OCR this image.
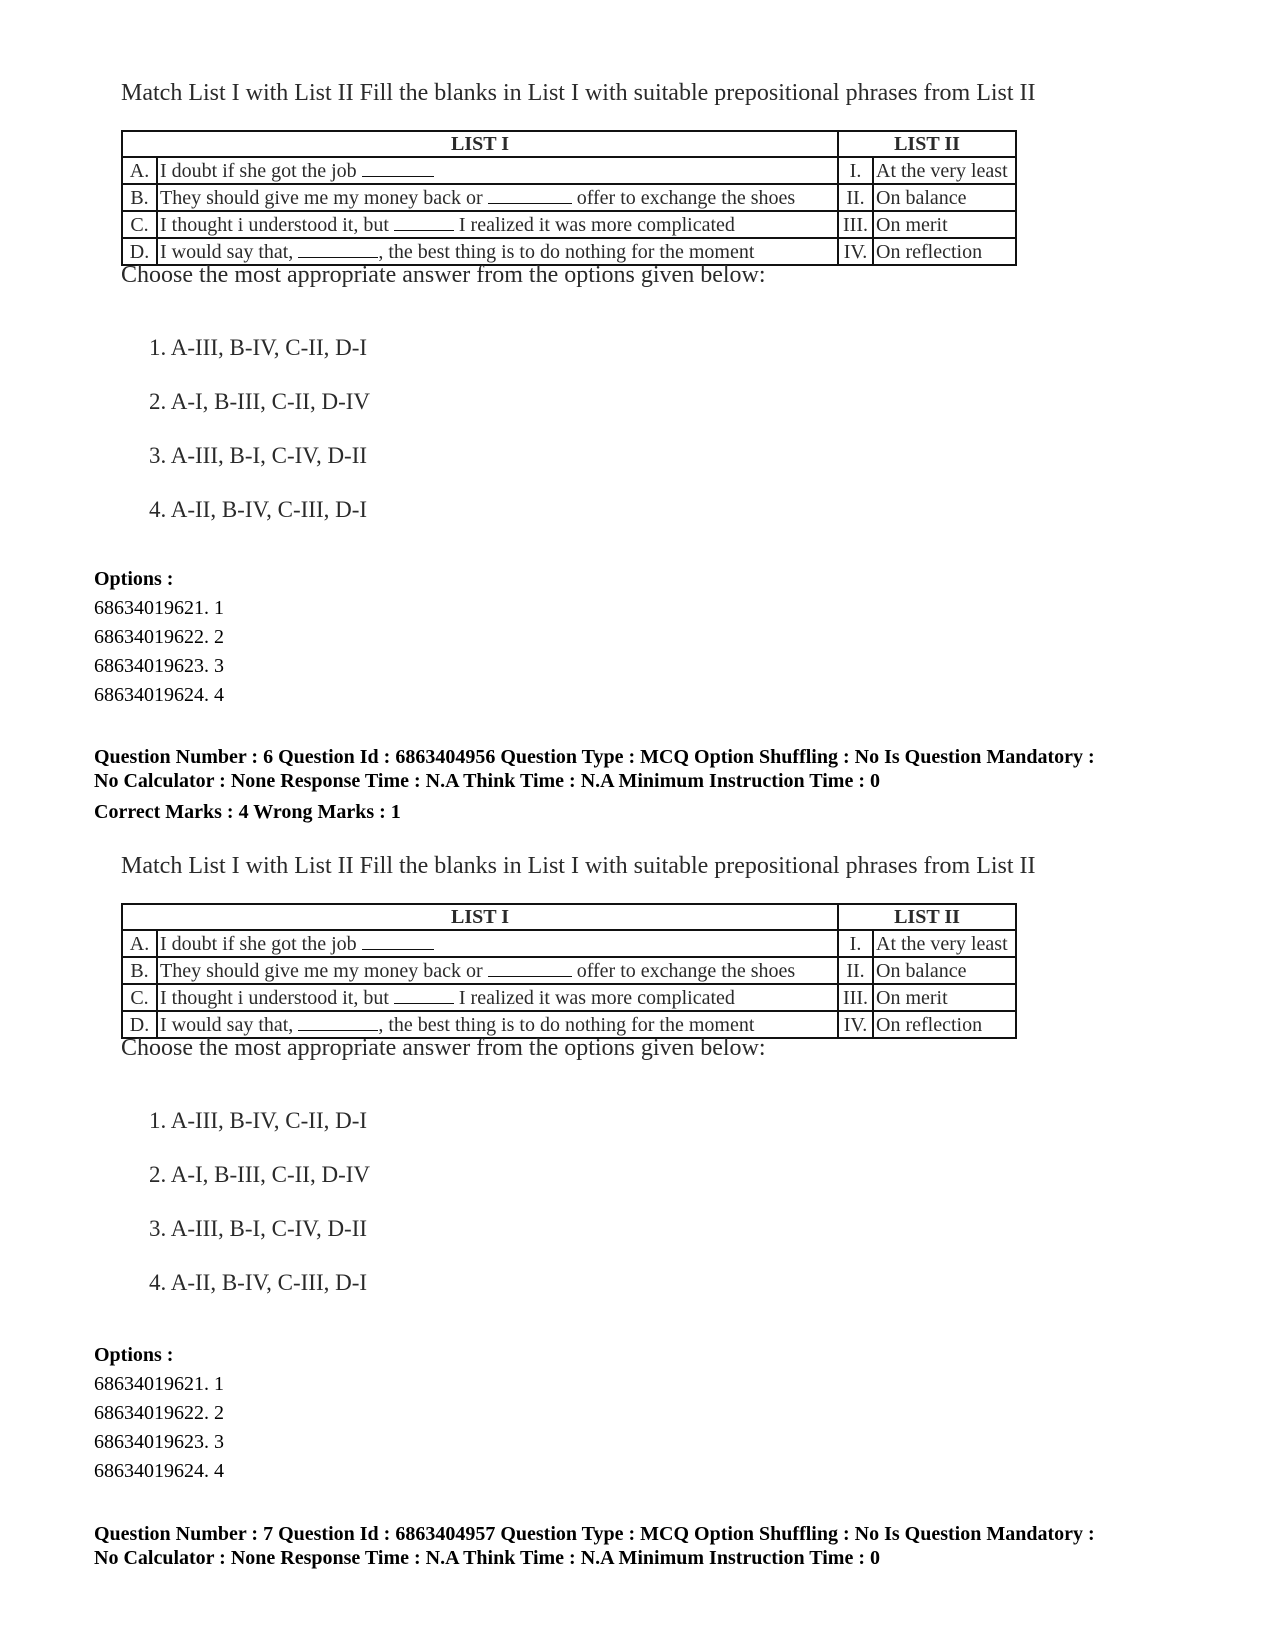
Match List I with List II Fill the blanks in List I with suitable prepositional phrases from List II
LIST I		LIST II	
A.	I doubt if she got the job	I.	At the very least
B.	They should give me my money back or offer to exchange the shoes	II.	On balance
C.	I thought i understood it, but I realized it was more complicated	III.	On merit
D.	I would say that, , the best thing is to do nothing for the moment	IV.	On reflection
Choose the most appropriate answer from the options given below:
1. A-III, B-IV, C-II, D-I
2. A-I, B-III, C-II, D-IV
3. A-III, B-I, C-IV, D-II
4. A-II, B-IV, C-III, D-I
Options :
68634019621. 1
68634019622. 2
68634019623. 3
68634019624. 4
Question Number : 6 Question Id : 6863404956 Question Type : MCQ Option Shuffling : No Is Question Mandatory :
No Calculator : None Response Time : N.A Think Time : N.A Minimum Instruction Time : 0
Correct Marks : 4 Wrong Marks : 1
Match List I with List II Fill the blanks in List I with suitable prepositional phrases from List II
LIST I		LIST II	
A.	I doubt if she got the job	I.	At the very least
B.	They should give me my money back or offer to exchange the shoes	II.	On balance
C.	I thought i understood it, but I realized it was more complicated	III.	On merit
D.	I would say that, , the best thing is to do nothing for the moment	IV.	On reflection
Choose the most appropriate answer from the options given below:
1. A-III, B-IV, C-II, D-I
2. A-I, B-III, C-II, D-IV
3. A-III, B-I, C-IV, D-II
4. A-II, B-IV, C-III, D-I
Options :
68634019621. 1
68634019622. 2
68634019623. 3
68634019624. 4
Question Number : 7 Question Id : 6863404957 Question Type : MCQ Option Shuffling : No Is Question Mandatory :
No Calculator : None Response Time : N.A Think Time : N.A Minimum Instruction Time : 0
